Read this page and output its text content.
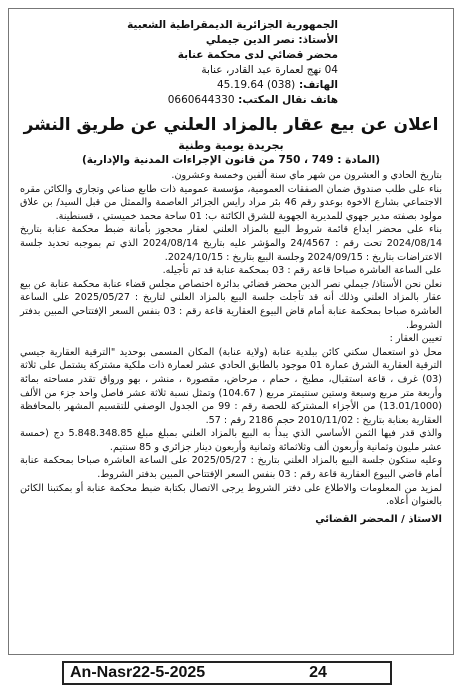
الجمهورية الجزائرية الديمقراطية الشعبية
الأستاذ: نصر الدين جيملي
محضر قضائي لدى محكمة عنابة
04 نهج لعمارة عبد القادر، عنابة
الهاتف: 45.19.64 (038)
هاتف نقال المكتب: 0660644330
اعلان عن بيع عقار بالمزاد العلني عن طريق النشر
بجريدة يومية وطنية
(المادة : 749 ، 750 من قانون الإجراءات المدنية والإدارية)

بتاريخ الحادي و العشرون من شهر ماي سنة ألفين وخمسة وعشرون.

بناء على طلب صندوق ضمان الصفقات العمومية، مؤسسة عمومية ذات طابع صناعي وتجاري والكائن مقره الاجتماعي بشارع الاخوة بوعدو رقم 46 بئر مراد رايس الجزائر العاصمة والممثل من قبل السيد/ بن علاق مولود بصفته مدير جهوي للمديرية الجهوية للشرق الكائنة ب: 01 ساحة محمد خميستي ، قسنطينة.

بناء على محضر ايداع قائمة شروط البيع بالمزاد العلني لعقار محجوز بأمانة ضبط محكمة عنابة بتاريخ 2024/08/14 تحت رقم : 24/4567 والمؤشر عليه بتاريخ 2024/08/14 الذي تم بموجبه تحديد جلسة الاعتراضات بتاريخ : 2024/09/15 وجلسة البيع بتاريخ : 2024/10/15.

على الساعة العاشرة صباحا قاعة رقم : 03 بمحكمة عنابة قد تم تأجيله.

نعلن نحن الأستاذ/ جيملي نصر الدين محضر قضائي بدائرة اختصاص مجلس قضاء عنابة محكمة عنابة عن بيع عقار بالمزاد العلني وذلك أنه قد تأجلت جلسة البيع بالمزاد العلني لتاريخ : 2025/05/27 على الساعة العاشرة صباحا بمحكمة عنابة أمام قاض البيوع العقارية قاعة رقم : 03 بنفس السعر الإفتتاحي المبين بدفتر الشروط.

تعيين العقار :

محل ذو استعمال سكني كائن ببلدية عنابة (ولاية عنابة) المكان المسمى بوحديد "الترقية العقارية جيسي الترقية العقارية الشرق عمارة 01 موجود بالطابق الحادي عشر لعمارة ذات ملكية مشتركة يشتمل على ثلاثة (03) غرف ، قاعة استقبال، مطبخ ، حمام ، مرحاض، مقصورة ، منشر ، بهو ورواق تقدر مساحته بمائة وأربعة متر مربع وسبعة وستين سنتيمتر مربع ( 104.67) وتمثل نسبة ثلاثة عشر فاصل واحد جزء من الألف (13.01/1000) من الأجزاء المشتركة للحصة رقم : 99 من الجدول الوصفي للتقسيم المشهر بالمحافظة العقارية بعنابة بتاريخ : 2010/11/02 حجم 2186 رقم : 57.

والذي قدر فيها الثمن الأساسي الذي يبدأ به البيع بالمزاد العلني بمبلغ مبلغ 5.848.348.85 دج (خمسة عشر مليون وثمانية وأربعون ألف وثلاثمائة وثمانية وأربعون دينار جزائري و 85 سنتيم.

وعليه ستكون جلسة البيع بالمزاد العلني بتاريخ : 2025/05/27 على الساعة العاشرة صباحا بمحكمة عنابة أمام قاضي البيوع العقارية قاعة رقم : 03 بنفس السعر الإفتتاحي المبين بدفتر الشروط.

لمزيد من المعلومات والاطلاع على دفتر الشروط يرجى الاتصال بكتابة ضبط محكمة عنابة أو بمكتبنا الكائن بالعنوان أعلاه.

الاستاذ / المحضر القضائي
An-Nasr22-5-2025	24
